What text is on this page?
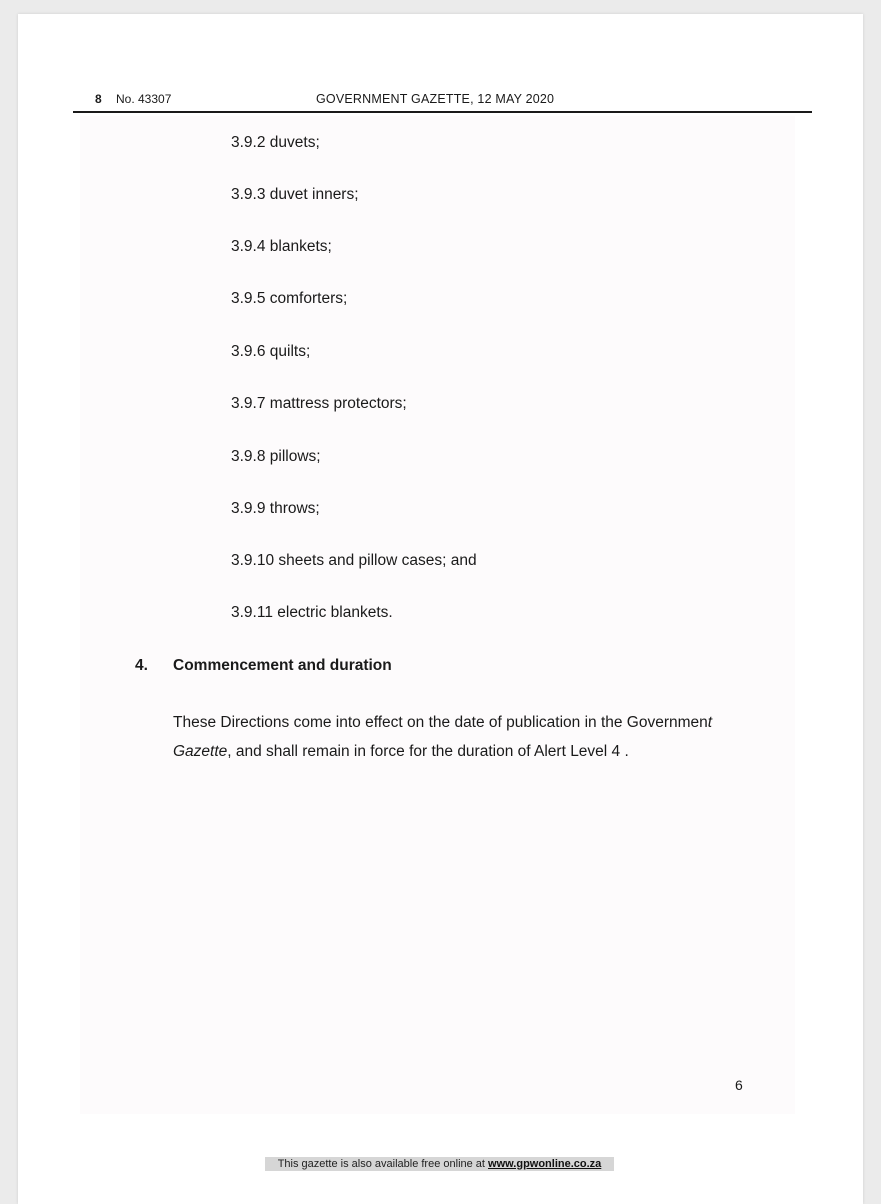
8 No. 43307	GOVERNMENT GAZETTE, 12 MAY 2020
3.9.2 duvets;
3.9.3 duvet inners;
3.9.4 blankets;
3.9.5 comforters;
3.9.6 quilts;
3.9.7 mattress protectors;
3.9.8 pillows;
3.9.9 throws;
3.9.10 sheets and pillow cases; and
3.9.11 electric blankets.
4. Commencement and duration
These Directions come into effect on the date of publication in the Government
Gazette, and shall remain in force for the duration of Alert Level 4 .
6
This gazette is also available free online at www.gpwonline.co.za
